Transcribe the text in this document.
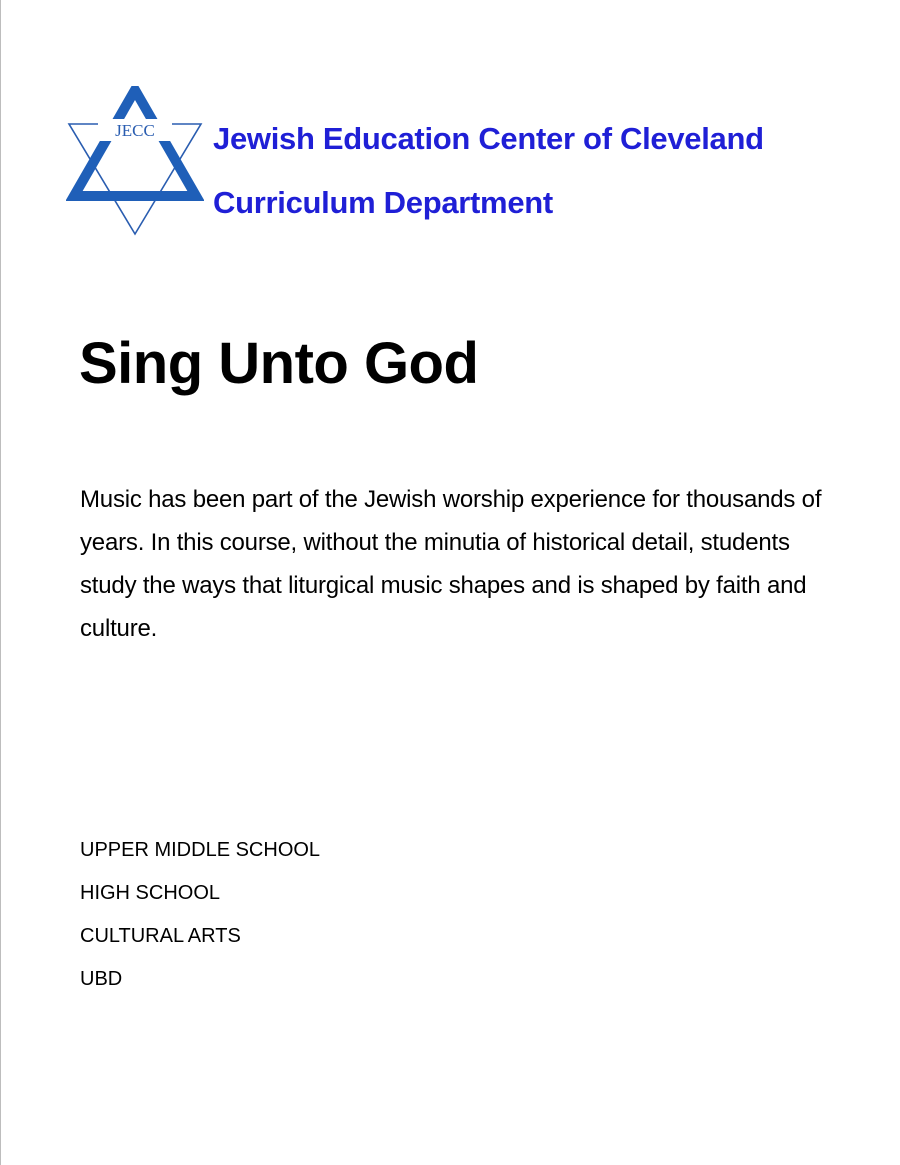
JECC Jewish Education Center of Cleveland
Curriculum Department
Sing Unto God

Music has been part of the Jewish worship experience for thousands of years. In this course, without the minutia of historical detail, students study the ways that liturgical music shapes and is shaped by faith and culture.

UPPER MIDDLE SCHOOL
HIGH SCHOOL
CULTURAL ARTS
UBD
